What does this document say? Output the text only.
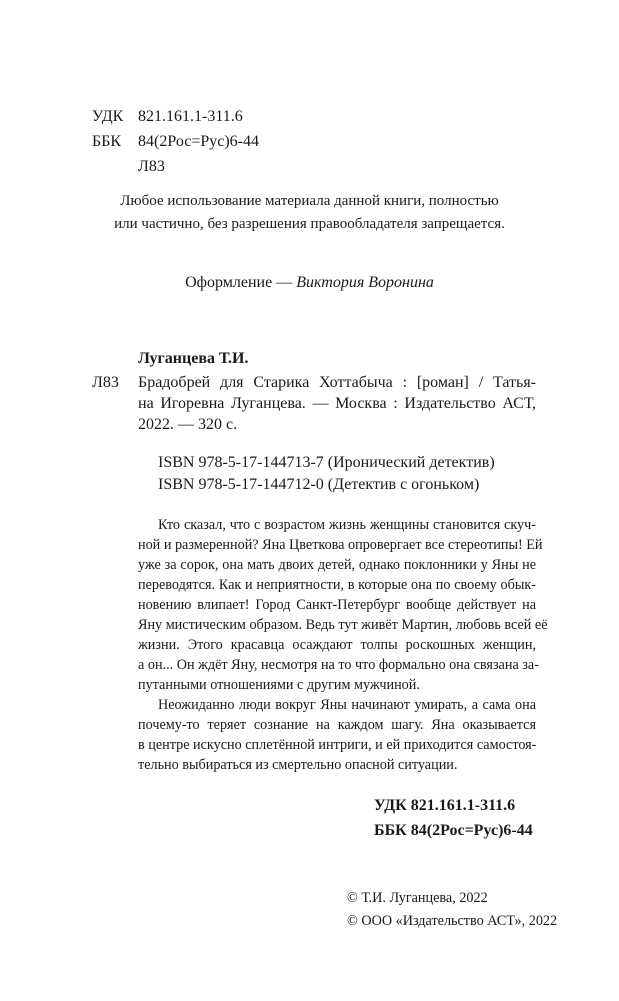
УДК 821.161.1-311.6
ББК 84(2Рос=Рус)6-44
Л83
Любое использование материала данной книги, полностью
или частично, без разрешения правообладателя запрещается.
Оформление — Виктория Воронина
Луганцева Т.И.
Л83 Брадобрей для Старика Хоттабыча : [роман] / Татья-
на Игоревна Луганцева. — Москва : Издательство АСТ,
2022. — 320 с.
ISBN 978-5-17-144713-7 (Иронический детектив)
ISBN 978-5-17-144712-0 (Детектив с огоньком)
Кто сказал, что с возрастом жизнь женщины становится скуч-
ной и размеренной? Яна Цветкова опровергает все стереотипы! Ей
уже за сорок, она мать двоих детей, однако поклонники у Яны не
переводятся. Как и неприятности, в которые она по своему обык-
новению влипает! Город Санкт-Петербург вообще действует на
Яну мистическим образом. Ведь тут живёт Мартин, любовь всей её
жизни. Этого красавца осаждают толпы роскошных женщин,
а он... Он ждёт Яну, несмотря на то что формально она связана за-
путанными отношениями с другим мужчиной.
Неожиданно люди вокруг Яны начинают умирать, а сама она
почему-то теряет сознание на каждом шагу. Яна оказывается
в центре искусно сплетённой интриги, и ей приходится самостоя-
тельно выбираться из смертельно опасной ситуации.
УДК 821.161.1-311.6
ББК 84(2Рос=Рус)6-44
© Т.И. Луганцева, 2022
© ООО «Издательство АСТ», 2022
